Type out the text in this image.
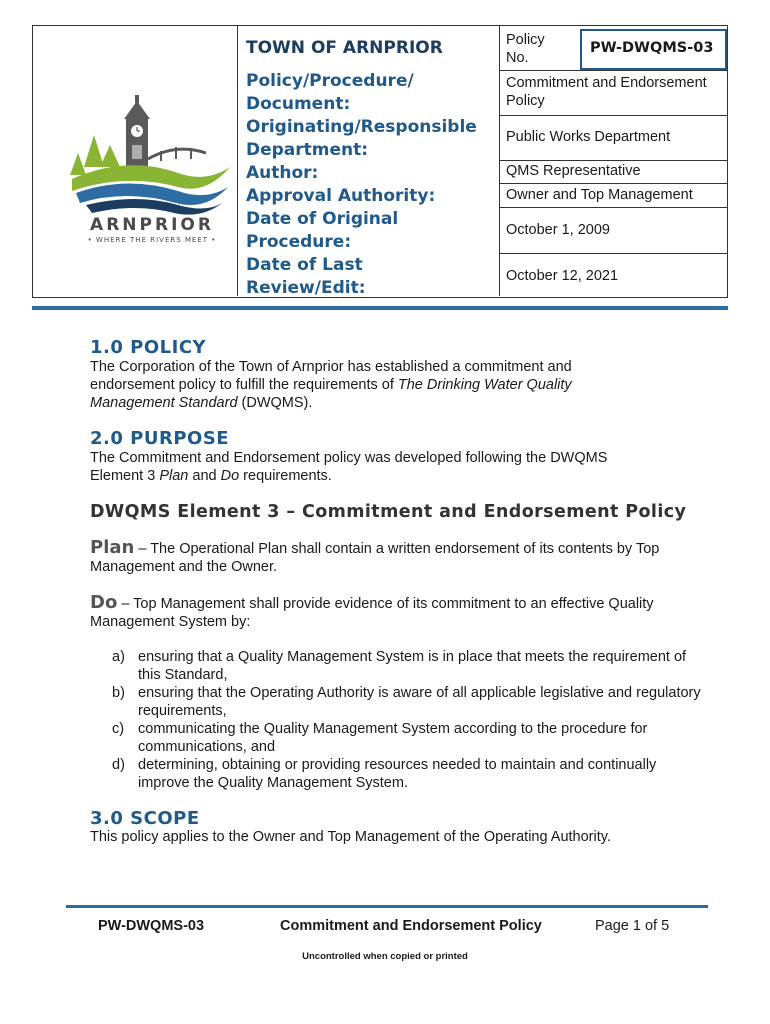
ARNPRIOR
• WHERE THE RIVERS MEET •
TOWN OF ARNPRIOR
Policy/Procedure/
Document:
Originating/Responsible
Department:
Author:
Approval Authority:
Date of Original
Procedure:
Date of Last
Review/Edit:
Policy
No.
PW-DWQMS-03
Commitment and Endorsement
Policy
Public Works Department
QMS Representative
Owner and Top Management
October 1, 2009
October 12, 2021
1.0 POLICY
The Corporation of the Town of Arnprior has established a commitment and endorsement policy to fulfill the requirements of The Drinking Water Quality Management Standard (DWQMS).
2.0 PURPOSE
The Commitment and Endorsement policy was developed following the DWQMS Element 3 Plan and Do requirements.
DWQMS Element 3 – Commitment and Endorsement Policy
Plan – The Operational Plan shall contain a written endorsement of its contents by Top Management and the Owner.
Do – Top Management shall provide evidence of its commitment to an effective Quality Management System by:
a) ensuring that a Quality Management System is in place that meets the requirement of this Standard,
b) ensuring that the Operating Authority is aware of all applicable legislative and regulatory requirements,
c) communicating the Quality Management System according to the procedure for communications, and
d) determining, obtaining or providing resources needed to maintain and continually improve the Quality Management System.
3.0 SCOPE
This policy applies to the Owner and Top Management of the Operating Authority.
PW-DWQMS-03	Commitment and Endorsement Policy	Page 1 of 5
Uncontrolled when copied or printed
